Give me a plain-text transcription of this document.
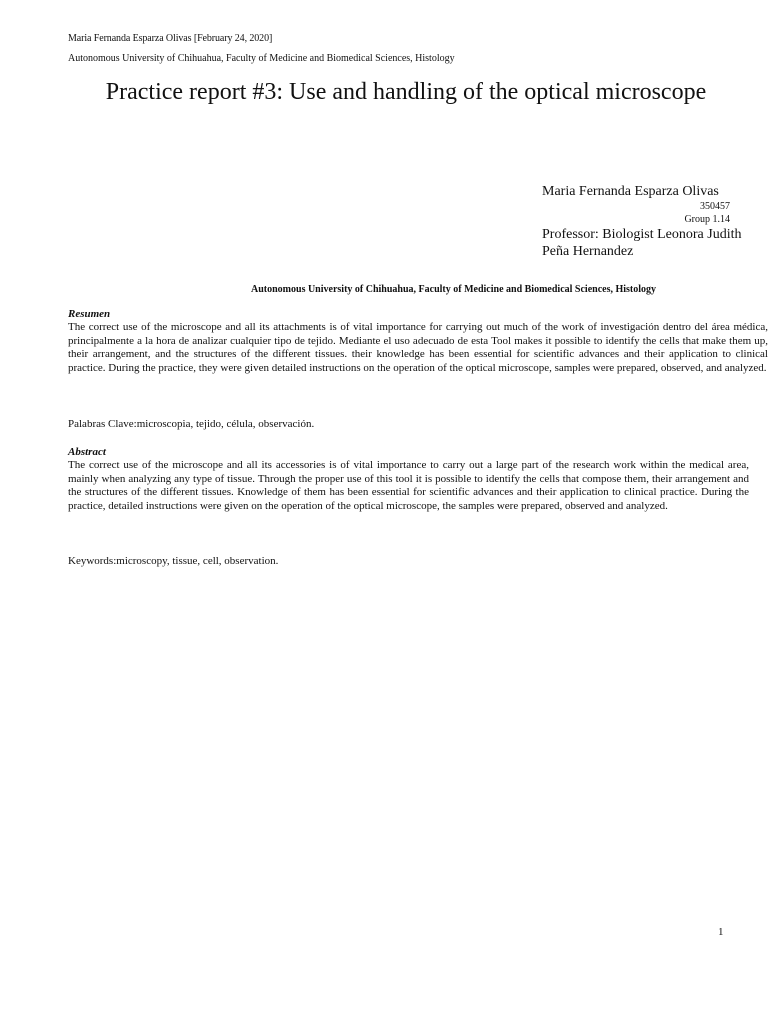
Maria Fernanda Esparza Olivas [February 24, 2020]
Autonomous University of Chihuahua, Faculty of Medicine and Biomedical Sciences, Histology
Practice report #3: Use and handling of the optical microscope
Maria Fernanda Esparza Olivas
350457
Group 1.14
Professor: Biologist Leonora Judith Peña Hernandez
Autonomous University of Chihuahua, Faculty of Medicine and Biomedical Sciences, Histology
Resumen
The correct use of the microscope and all its attachments is of vital importance for carrying out much of the work of investigación dentro del área médica, principalmente a la hora de analizar cualquier tipo de tejido. Mediante el uso adecuado de esta Tool makes it possible to identify the cells that make them up, their arrangement, and the structures of the different tissues. their knowledge has been essential for scientific advances and their application to clinical practice. During the practice, they were given detailed instructions on the operation of the optical microscope, samples were prepared, observed, and analyzed.
Palabras Clave:microscopia, tejido, célula, observación.
Abstract
The correct use of the microscope and all its accessories is of vital importance to carry out a large part of the research work within the medical area, mainly when analyzing any type of tissue. Through the proper use of this tool it is possible to identify the cells that compose them, their arrangement and the structures of the different tissues. Knowledge of them has been essential for scientific advances and their application to clinical practice. During the practice, detailed instructions were given on the operation of the optical microscope, the samples were prepared, observed and analyzed.
Keywords:microscopy, tissue, cell, observation.
1
